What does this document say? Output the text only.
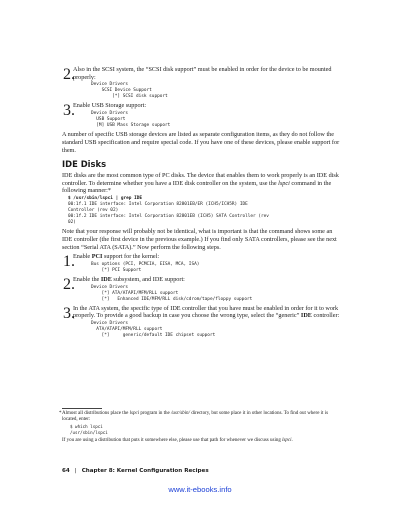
2.

Also in the SCSI system, the “SCSI disk support” must be enabled in order for the device to be mounted properly:

Device Drivers
SCSI Device Support
[*] SCSI disk support
3.

Enable USB Storage support:

Device Drivers
USB Support
[M] USB Mass Storage support

A number of specific USB storage devices are listed as separate configuration items, as they do not follow the standard USB specification and require special code. If you have one of these devices, please enable support for them.

IDE Disks

IDE disks are the most common type of PC disks. The device that enables them to work properly is an IDE disk controller. To determine whether you have a IDE disk controller on the system, use the lspci command in the following manner:*

$ /usr/sbin/lspci | grep IDE
00:1f.1 IDE interface: Intel Corporation 82801EB/ER (ICH5/ICH5R) IDE
Controller (rev 02)
00:1f.2 IDE interface: Intel Corporation 82801EB (ICH5) SATA Controller (rev
02)

Note that your response will probably not be identical, what is important is that the command shows some an IDE controller (the first device in the previous example.) If you find only SATA controllers, please see the next section “Serial ATA (SATA).” Now perform the following steps.

1.

Enable PCI support for the kernel:

Bus options (PCI, PCMCIA, EISA, MCA, ISA)
[*] PCI Support
2.

Enable the IDE subsystem, and IDE support:

Device Drivers
[*] ATA/ATAPI/MFM/RLL support
[*]   Enhanced IDE/MFM/RLL disk/cdrom/tape/floppy support
3.

In the ATA system, the specific type of IDE controller that you have must be enabled in order for it to work properly. To provide a good backup in case you choose the wrong type, select the “generic” IDE controller:

Device Drivers
ATA/ATAPI/MFM/RLL support
[*]     generic/default IDE chipset support
* Almost all distributions place the lspci program in the /usr/sbin/ directory, but some place it in other locations. To find out where it is located, enter:

$ which lspci
/usr/sbin/lspci

If you are using a distribution that puts it somewhere else, please use that path for whenever we discuss using lspci.

64 | Chapter 8: Kernel Configuration Recipes
www.it-ebooks.info
